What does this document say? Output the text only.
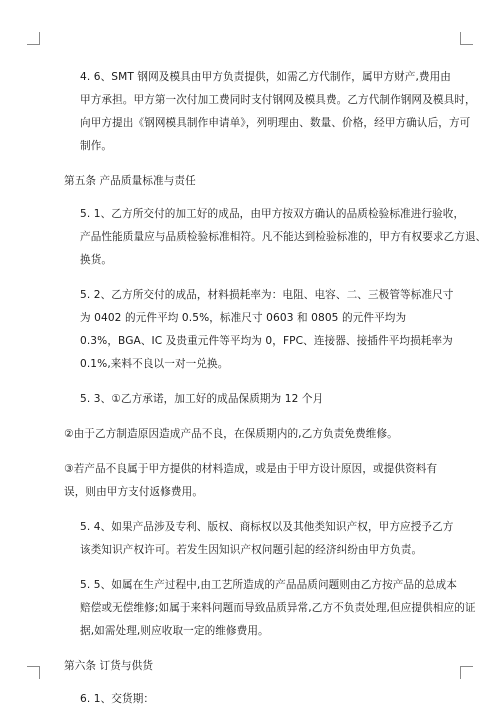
4. 6、SMT 钢网及模具由甲方负责提供，如需乙方代制作，属甲方财产,费用由
甲方承担。甲方第一次付加工费同时支付钢网及模具费。乙方代制作钢网及模具时，
向甲方提出《钢网模具制作申请单》，列明理由、数量、价格，经甲方确认后，方可
制作。

第五条 产品质量标准与责任

5. 1、乙方所交付的加工好的成品，由甲方按双方确认的品质检验标准进行验收，
产品性能质量应与品质检验标准相符。凡不能达到检验标准的，甲方有权要求乙方退、
换货。

5. 2、乙方所交付的成品，材料损耗率为：电阻、电容、二、三极管等标准尺寸
为 0402 的元件平均 0.5%，标准尺寸 0603 和 0805 的元件平均为
0.3%，BGA、IC 及贵重元件等平均为 0，FPC、连接器、接插件平均损耗率为
0.1%,来料不良以一对一兑换。

5. 3、①乙方承诺，加工好的成品保质期为 12 个月

②由于乙方制造原因造成产品不良，在保质期内的,乙方负责免费维修。

③若产品不良属于甲方提供的材料造成，或是由于甲方设计原因，或提供资料有
误，则由甲方支付返修费用。

5. 4、如果产品涉及专利、版权、商标权以及其他类知识产权，甲方应授予乙方
该类知识产权许可。若发生因知识产权问题引起的经济纠纷由甲方负责。

5. 5、如属在生产过程中,由工艺所造成的产品品质问题则由乙方按产品的总成本
赔偿或无偿维修;如属于来料问题而导致品质异常,乙方不负责处理,但应提供相应的证
据,如需处理,则应收取一定的维修费用。

第六条 订货与供货

6. 1、交货期：
